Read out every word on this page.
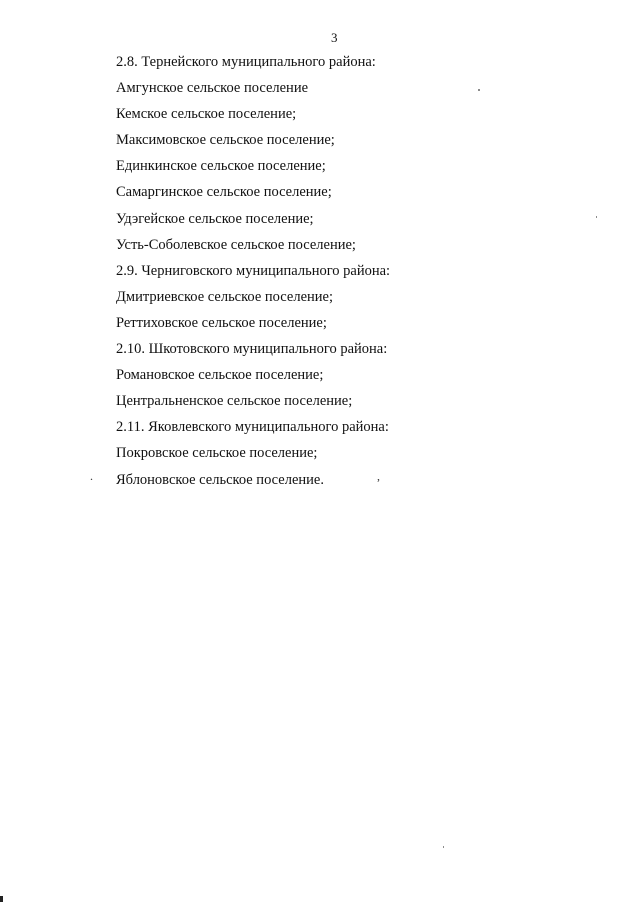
3
2.8. Тернейского муниципального района:
Амгунское сельское поселение
Кемское сельское поселение;
Максимовское сельское поселение;
Единкинское сельское поселение;
Самаргинское сельское поселение;
Удэгейское сельское поселение;
Усть-Соболевское сельское поселение;
2.9. Черниговского муниципального района:
Дмитриевское сельское поселение;
Реттиховское сельское поселение;
2.10. Шкотовского муниципального района:
Романовское сельское поселение;
Центральненское сельское поселение;
2.11. Яковлевского муниципального района:
Покровское сельское поселение;
Яблоновское сельское поселение.
.	,
